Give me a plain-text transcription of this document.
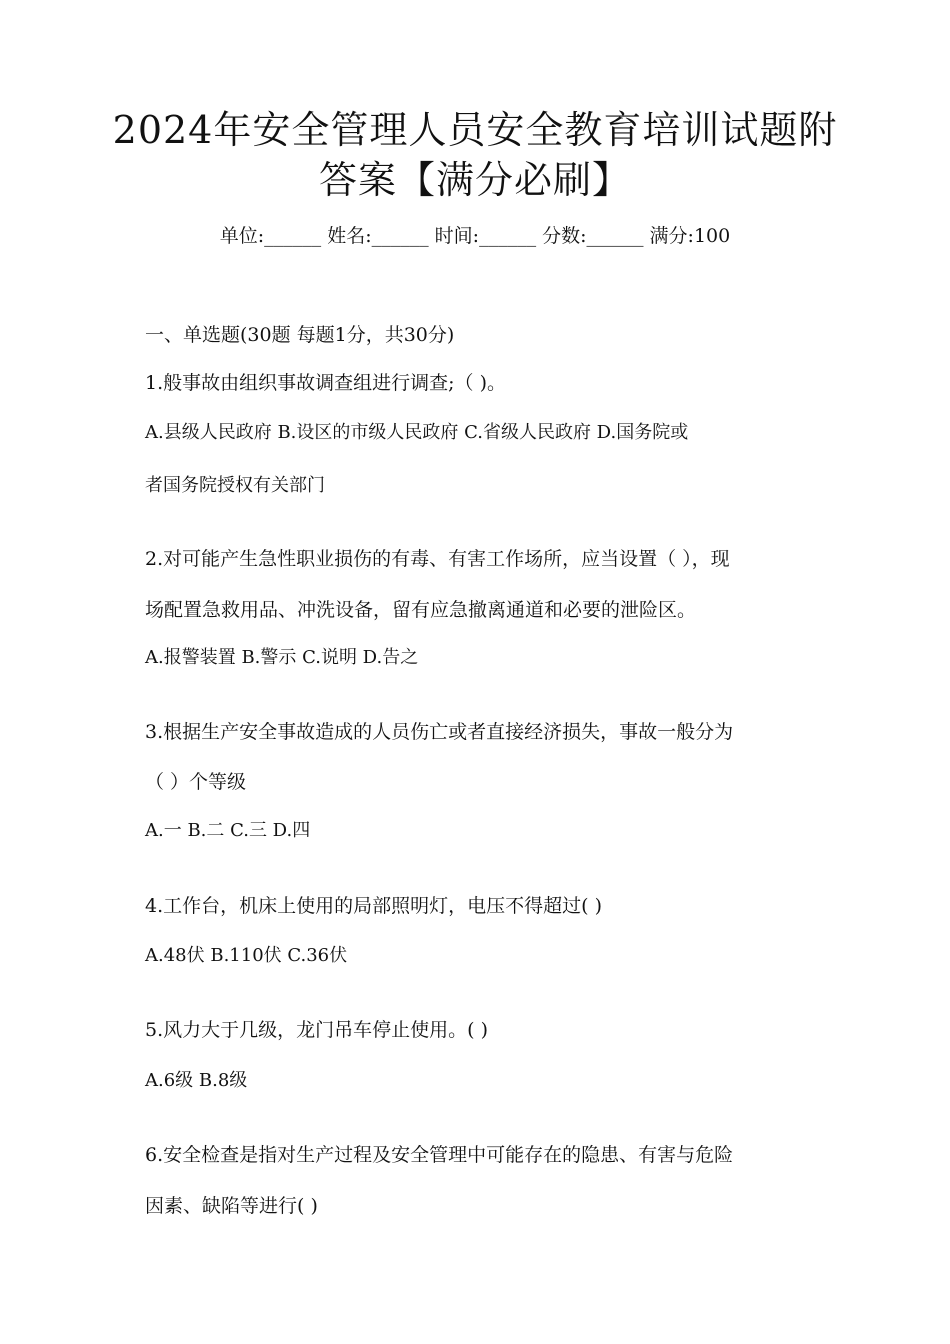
2024年安全管理人员安全教育培训试题附
答案【满分必刷】
单位:______ 姓名:______ 时间:______ 分数:______ 满分:100
一、单选题(30题 每题1分，共30分)
1.般事故由组织事故调查组进行调查;（ )。
A.县级人民政府 B.设区的市级人民政府 C.省级人民政府 D.国务院或
者国务院授权有关部门
2.对可能产生急性职业损伤的有毒、有害工作场所，应当设置（ ），现
场配置急救用品、冲洗设备，留有应急撤离通道和必要的泄险区。
A.报警装置 B.警示 C.说明 D.告之
3.根据生产安全事故造成的人员伤亡或者直接经济损失，事故一般分为
（ ）个等级
A.一 B.二 C.三 D.四
4.工作台，机床上使用的局部照明灯，电压不得超过( )
A.48伏 B.110伏 C.36伏
5.风力大于几级，龙门吊车停止使用。( )
A.6级 B.8级
6.安全检查是指对生产过程及安全管理中可能存在的隐患、有害与危险
因素、缺陷等进行( )
